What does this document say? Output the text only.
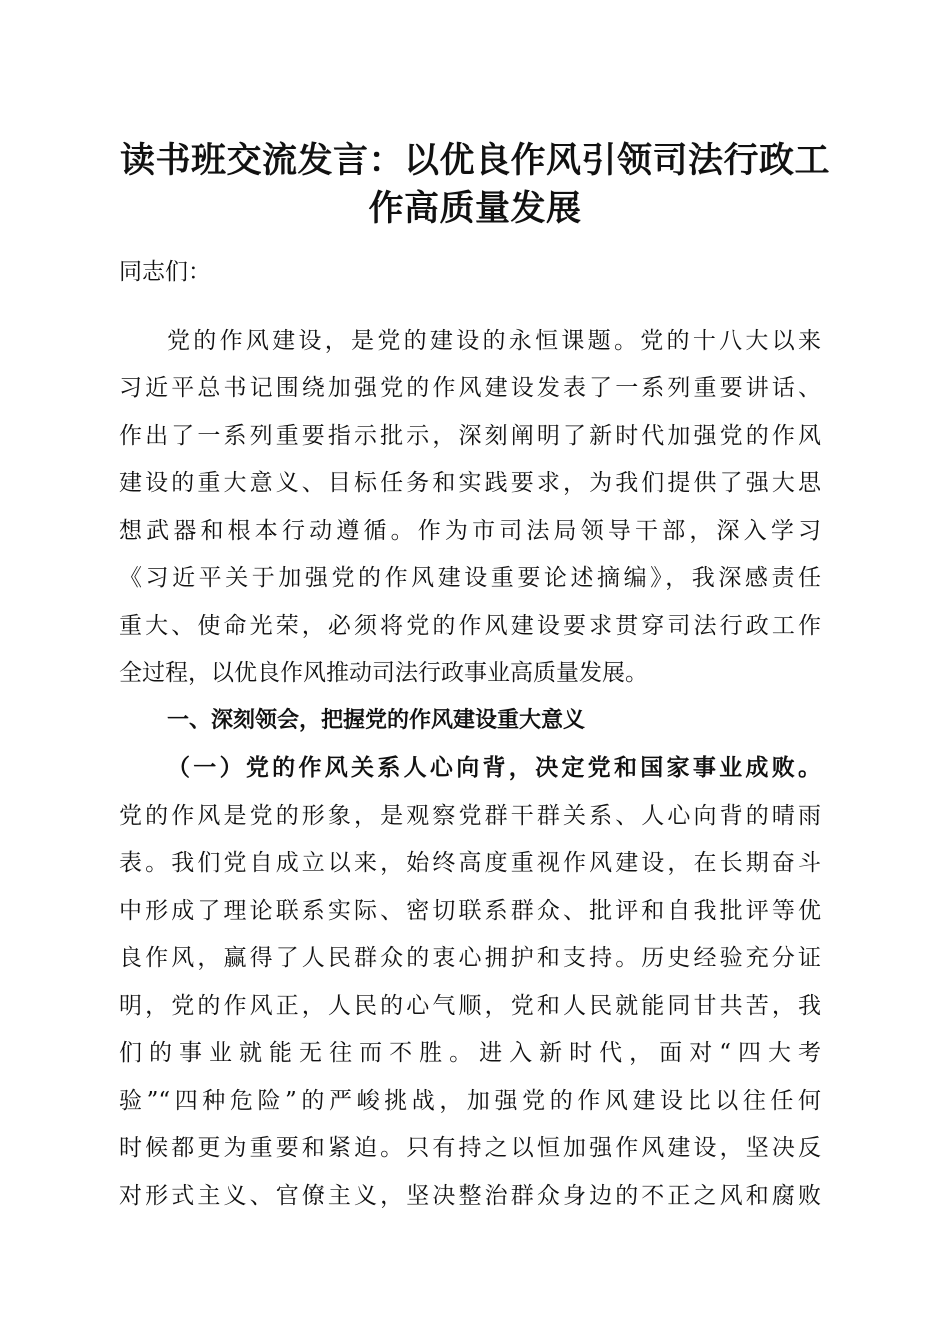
读书班交流发言：以优良作风引领司法行政工
作高质量发展
同志们：
党的作风建设，是党的建设的永恒课题。党的十八大以来
习近平总书记围绕加强党的作风建设发表了一系列重要讲话、
作出了一系列重要指示批示，深刻阐明了新时代加强党的作风
建设的重大意义、目标任务和实践要求，为我们提供了强大思
想武器和根本行动遵循。作为市司法局领导干部，深入学习
《习近平关于加强党的作风建设重要论述摘编》，我深感责任
重大、使命光荣，必须将党的作风建设要求贯穿司法行政工作
全过程，以优良作风推动司法行政事业高质量发展。
一、深刻领会，把握党的作风建设重大意义
（一）党的作风关系人心向背，决定党和国家事业成败。
党的作风是党的形象，是观察党群干群关系、人心向背的晴雨
表。我们党自成立以来，始终高度重视作风建设，在长期奋斗
中形成了理论联系实际、密切联系群众、批评和自我批评等优
良作风，赢得了人民群众的衷心拥护和支持。历史经验充分证
明，党的作风正，人民的心气顺，党和人民就能同甘共苦，我
们的事业就能无往而不胜。进入新时代，面对“四大考
验”“四种危险”的严峻挑战，加强党的作风建设比以往任何
时候都更为重要和紧迫。只有持之以恒加强作风建设，坚决反
对形式主义、官僚主义，坚决整治群众身边的不正之风和腐败
